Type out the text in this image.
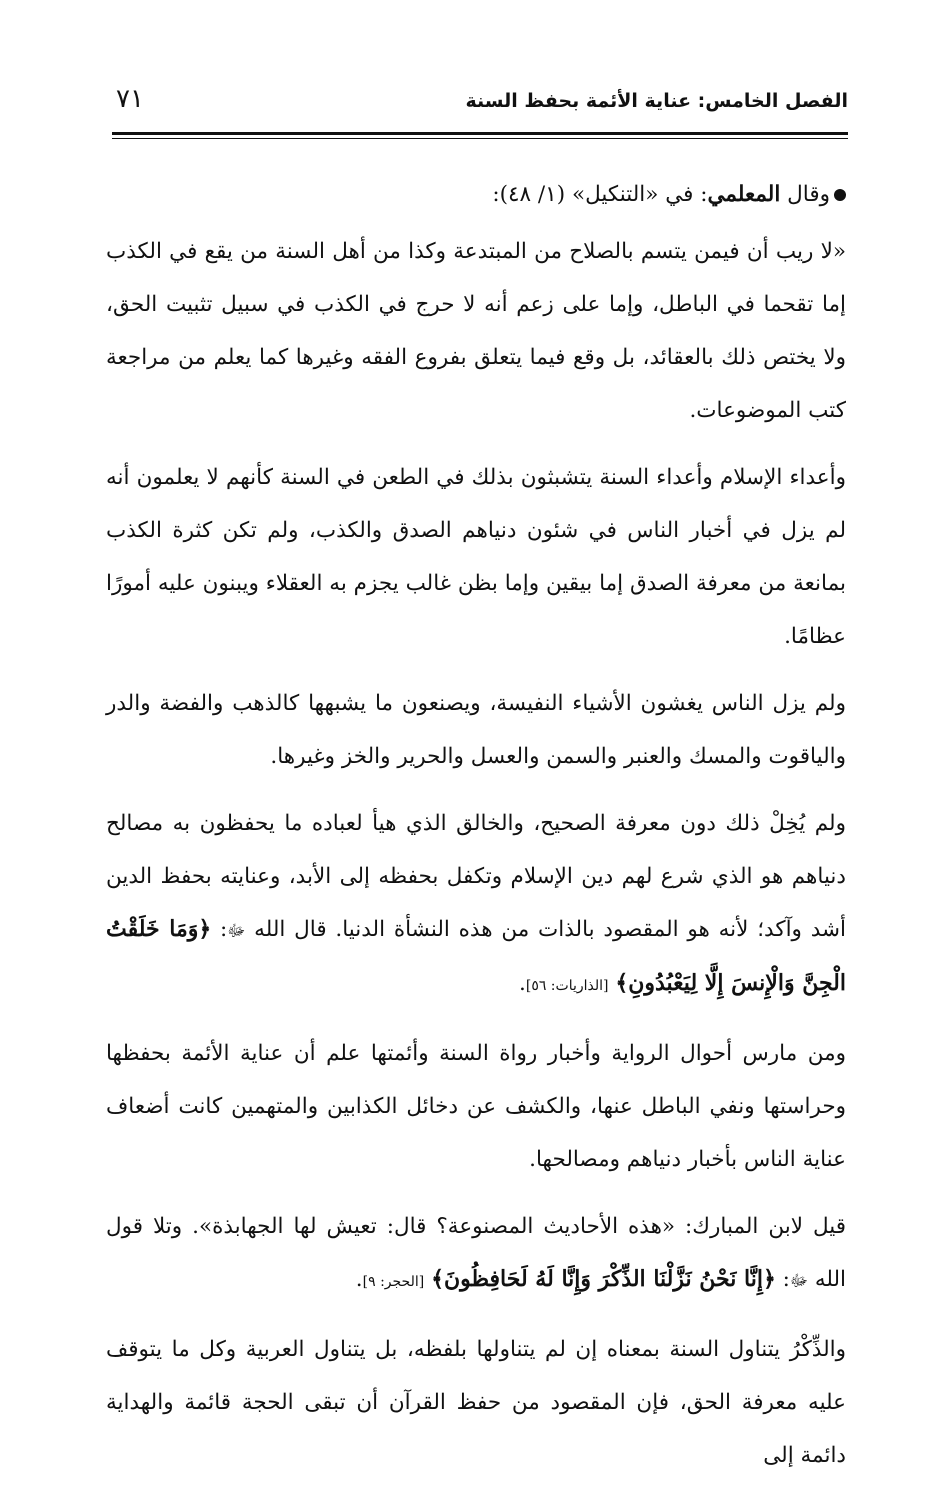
الفصل الخامس: عناية الأئمة بحفظ السنة
٧١

وقال المعلمي: في «التنكيل» (١/ ٤٨):

«لا ريب أن فيمن يتسم بالصلاح من المبتدعة وكذا من أهل السنة من يقع في الكذب إما تقحما في الباطل، وإما على زعم أنه لا حرج في الكذب في سبيل تثبيت الحق، ولا يختص ذلك بالعقائد، بل وقع فيما يتعلق بفروع الفقه وغيرها كما يعلم من مراجعة كتب الموضوعات.

وأعداء الإسلام وأعداء السنة يتشبثون بذلك في الطعن في السنة كأنهم لا يعلمون أنه لم يزل في أخبار الناس في شئون دنياهم الصدق والكذب، ولم تكن كثرة الكذب بمانعة من معرفة الصدق إما بيقين وإما بظن غالب يجزم به العقلاء ويبنون عليه أمورًا عظامًا.

ولم يزل الناس يغشون الأشياء النفيسة، ويصنعون ما يشبهها كالذهب والفضة والدر والياقوت والمسك والعنبر والسمن والعسل والحرير والخز وغيرها.

ولم يُخِلْ ذلك دون معرفة الصحيح، والخالق الذي هيأ لعباده ما يحفظون به مصالح دنياهم هو الذي شرع لهم دين الإسلام وتكفل بحفظه إلى الأبد، وعنايته بحفظ الدين أشد وآكد؛ لأنه هو المقصود بالذات من هذه النشأة الدنيا. قال الله ﷻ: ﴿وَمَا خَلَقْتُ الْجِنَّ وَالْإِنسَ إِلَّا لِيَعْبُدُونِ﴾ [الذاريات: ٥٦].

ومن مارس أحوال الرواية وأخبار رواة السنة وأئمتها علم أن عناية الأئمة بحفظها وحراستها ونفي الباطل عنها، والكشف عن دخائل الكذابين والمتهمين كانت أضعاف عناية الناس بأخبار دنياهم ومصالحها.

قيل لابن المبارك: «هذه الأحاديث المصنوعة؟ قال: تعيش لها الجهابذة». وتلا قول الله ﷻ: ﴿إِنَّا نَحْنُ نَزَّلْنَا الذِّكْرَ وَإِنَّا لَهُ لَحَافِظُونَ﴾ [الحجر: ٩].

والذِّكْرُ يتناول السنة بمعناه إن لم يتناولها بلفظه، بل يتناول العربية وكل ما يتوقف عليه معرفة الحق، فإن المقصود من حفظ القرآن أن تبقى الحجة قائمة والهداية دائمة إلى
